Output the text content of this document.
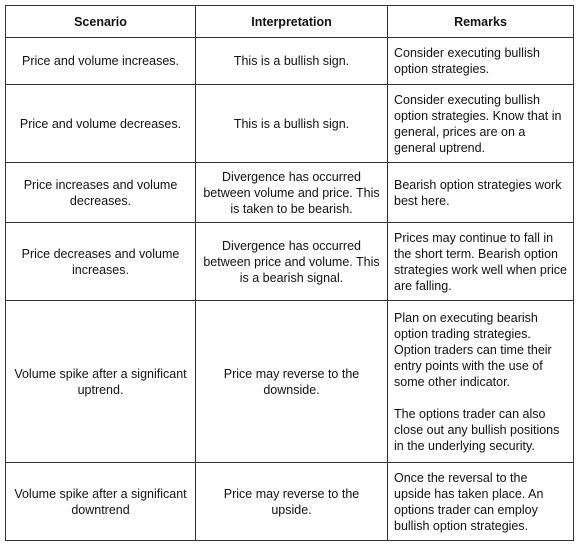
Scenario	Interpretation	Remarks
Price and volume increases.	This is a bullish sign.	Consider executing bullish option strategies.

Price and volume decreases.	This is a bullish sign.	Consider executing bullish option strategies. Know that in general, prices are on a general uptrend.

Price increases and volume decreases.	Divergence has occurred between volume and price. This is taken to be bearish.	Bearish option strategies work best here.

Price decreases and volume increases.	Divergence has occurred between price and volume. This is a bearish signal.	Prices may continue to fall in the short term. Bearish option strategies work well when price are falling.

Volume spike after a significant uptrend.	Price may reverse to the downside.	Plan on executing bearish option trading strategies. Option traders can time their entry points with the use of some other indicator.
The options trader can also close out any bullish positions in the underlying security.

Volume spike after a significant downtrend	Price may reverse to the upside.	Once the reversal to the upside has taken place. An options trader can employ bullish option strategies.
